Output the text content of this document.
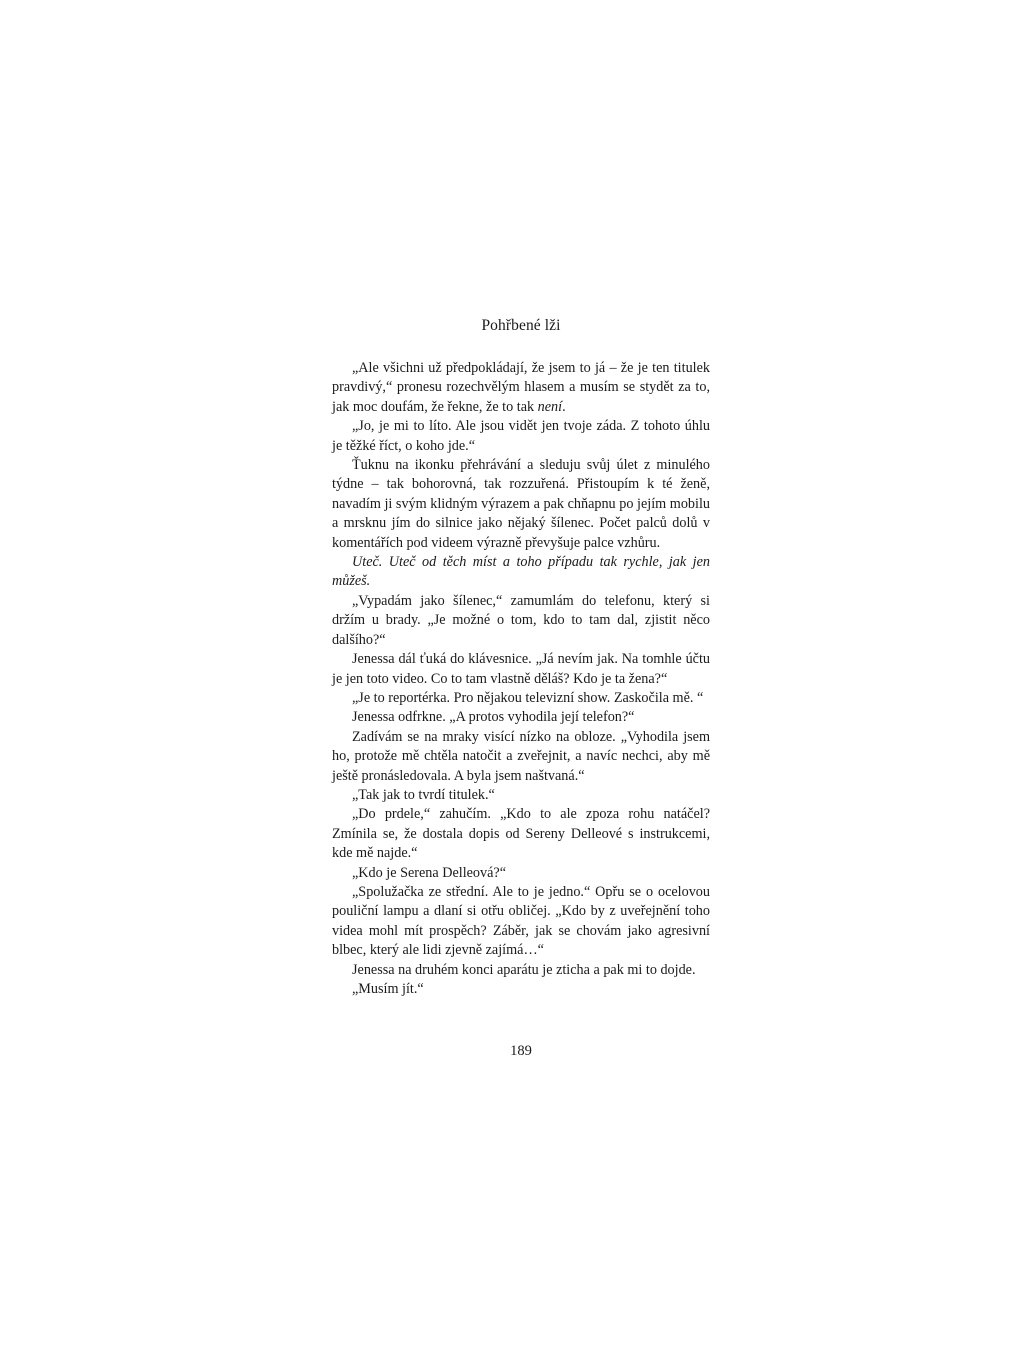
Pohřbené lži

„Ale všichni už předpokládají, že jsem to já – že je ten titulek pravdivý,“ pronesu rozechvělým hlasem a musím se stydět za to, jak moc doufám, že řekne, že to tak není.

„Jo, je mi to líto. Ale jsou vidět jen tvoje záda. Z tohoto úhlu je těžké říct, o koho jde.“

Ťuknu na ikonku přehrávání a sleduju svůj úlet z minulého týdne – tak bohorovná, tak rozzuřená. Přistoupím k té ženě, navadím ji svým klidným výrazem a pak chňapnu po jejím mobilu a mrsknu jím do silnice jako nějaký šílenec. Počet palců dolů v komentářích pod videem výrazně převyšuje palce vzhůru.

Uteč. Uteč od těch míst a toho případu tak rychle, jak jen můžeš.

„Vypadám jako šílenec,“ zamumlám do telefonu, který si držím u brady. „Je možné o tom, kdo to tam dal, zjistit něco dalšího?“

Jenessa dál ťuká do klávesnice. „Já nevím jak. Na tomhle účtu je jen toto video. Co to tam vlastně děláš? Kdo je ta žena?“

„Je to reportérka. Pro nějakou televizní show. Zaskočila mě. “

Jenessa odfrkne. „A protos vyhodila její telefon?“

Zadívám se na mraky visící nízko na obloze. „Vyhodila jsem ho, protože mě chtěla natočit a zveřejnit, a navíc nechci, aby mě ještě pronásledovala. A byla jsem naštvaná.“

„Tak jak to tvrdí titulek.“

„Do prdele,“ zahučím. „Kdo to ale zpoza rohu natáčel? Zmínila se, že dostala dopis od Sereny Delleové s instrukcemi, kde mě najde.“

„Kdo je Serena Delleová?“

„Spolužačka ze střední. Ale to je jedno.“ Opřu se o ocelovou pouliční lampu a dlaní si otřu obličej. „Kdo by z uveřejnění toho videa mohl mít prospěch? Záběr, jak se chovám jako agresivní blbec, který ale lidi zjevně zajímá…“

Jenessa na druhém konci aparátu je zticha a pak mi to dojde.

„Musím jít.“

189
